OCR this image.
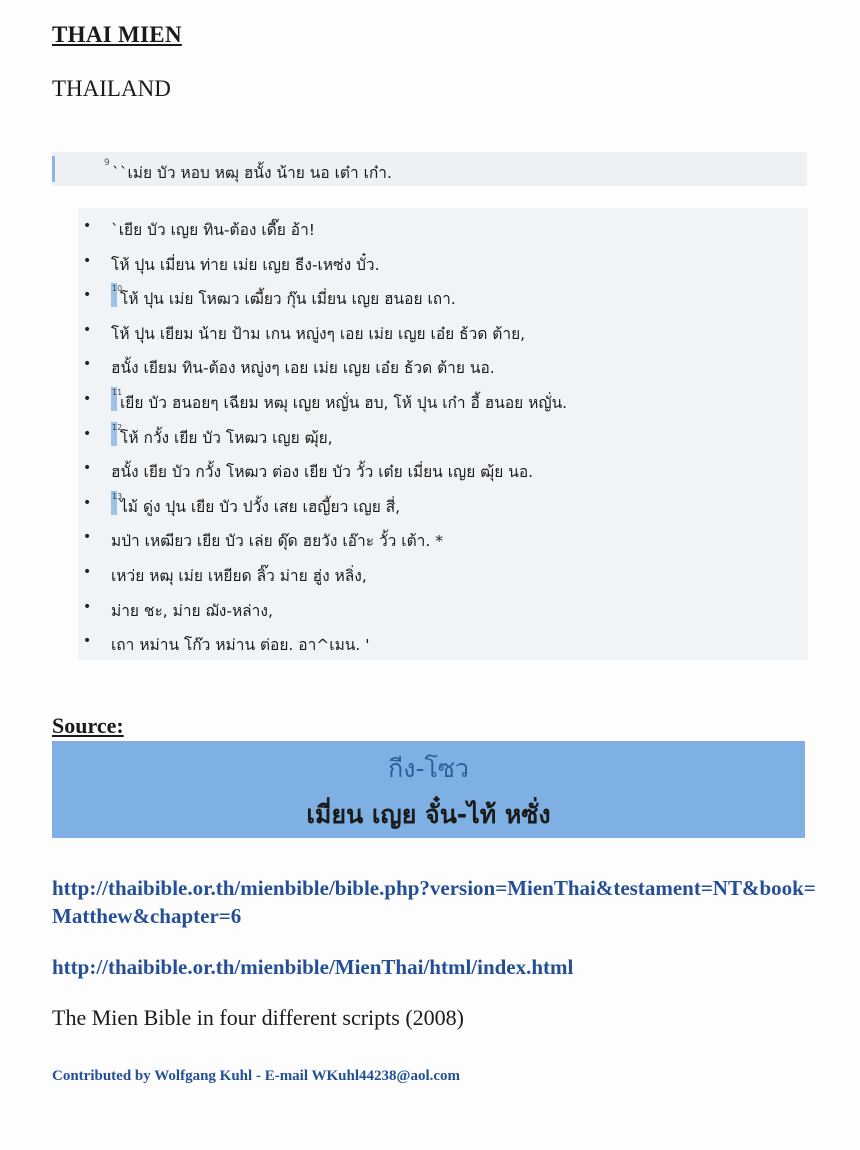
THAI MIEN
THAILAND
9
``เม่ย บัว หอบ หฒุ ฮนั้ง น้าย นอ เต๋า เก๋า.
• `เยีย บัว เญย ทิน-ต้อง เดี๊ย อ้า!
• โห้ ปุน เมี่ยน ท่าย เม่ย เญย ธีง-เหซ่ง บั๋ว.
•	10
โห้ ปุน เม่ย โหฒว เฒี้ยว กุ๊น เมี่ยน เญย ฮนอย เถา.
• โห้ ปุน เยียม น้าย ป้าม เกน หญู่งๆ เอย เม่ย เญย เอ๋ย ธ้วด ต้าย,
• ฮนั้ง เยียม ทิน-ต้อง หญู่งๆ เอย เม่ย เญย เอ๋ย ธ้วด ต้าย นอ.
•	11
เยีย บัว ฮนอยๆ เฉียม หฒุ เญย หญั่น ฮบ, โห้ ปุน เก๋า อี้ ฮนอย หญั่น.
•	12
โห้ กวั้ง เยีย บัว โหฒว เญย ฒุ้ย,
• ฮนั้ง เยีย บัว กวั้ง โหฒว ต่อง เยีย บัว วั้ว เต๋ย เมี่ยน เญย ฒุ้ย นอ.
•	13
ไม้ ดู่ง ปุน เยีย บัว ปวั้ง เสย เฮญี้ยว เญย สี่,
• มป่า เหฒียว เยีย บัว เล่ย ดุ๊ด ฮยวัง เอ๊าะ วั้ว เต้า. *
• เหว่ย หฒุ เม่ย เหยียด ลิ๊ว ม่าย ฮู่ง หลิ่ง,
• ม่าย ชะ, ม่าย ฌัง-หล่าง,
• เถา หม่าน โก๊ว หม่าน ต่อย. อา^เมน. '
Source:
กีง-โซว
เมี่ยน เญย จั๋น-ไท้ หซั่ง
http://thaibible.or.th/mienbible/bible.php?version=MienThai&testament=NT&book=Matthew&chapter=6
http://thaibible.or.th/mienbible/MienThai/html/index.html
The Mien Bible in four different scripts (2008)
Contributed by Wolfgang Kuhl - E-mail WKuhl44238@aol.com
